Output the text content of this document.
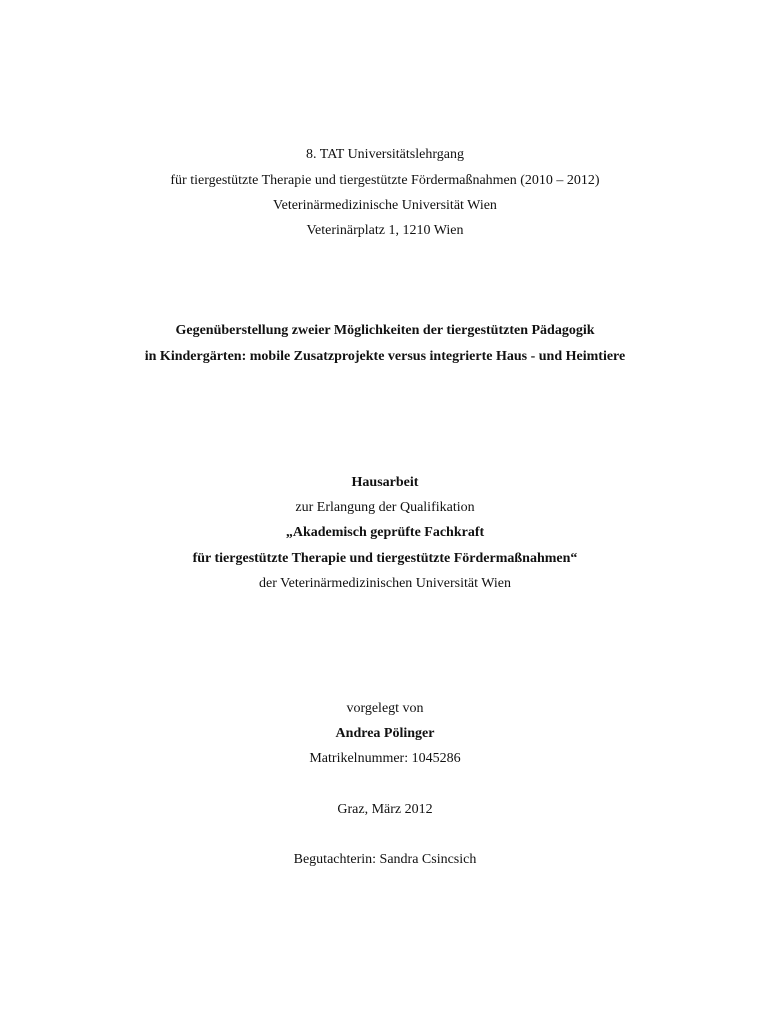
8. TAT Universitätslehrgang
für tiergestützte Therapie und tiergestützte Fördermaßnahmen (2010 – 2012)
Veterinärmedizinische Universität Wien
Veterinärplatz 1, 1210 Wien
Gegenüberstellung zweier Möglichkeiten der tiergestützten Pädagogik
in Kindergärten: mobile Zusatzprojekte versus integrierte Haus - und Heimtiere
Hausarbeit
zur Erlangung der Qualifikation
„Akademisch geprüfte Fachkraft
für tiergestützte Therapie und tiergestützte Fördermaßnahmen“
der Veterinärmedizinischen Universität Wien
vorgelegt von
Andrea Pölinger
Matrikelnummer: 1045286
Graz, März 2012
Begutachterin: Sandra Csincsich
